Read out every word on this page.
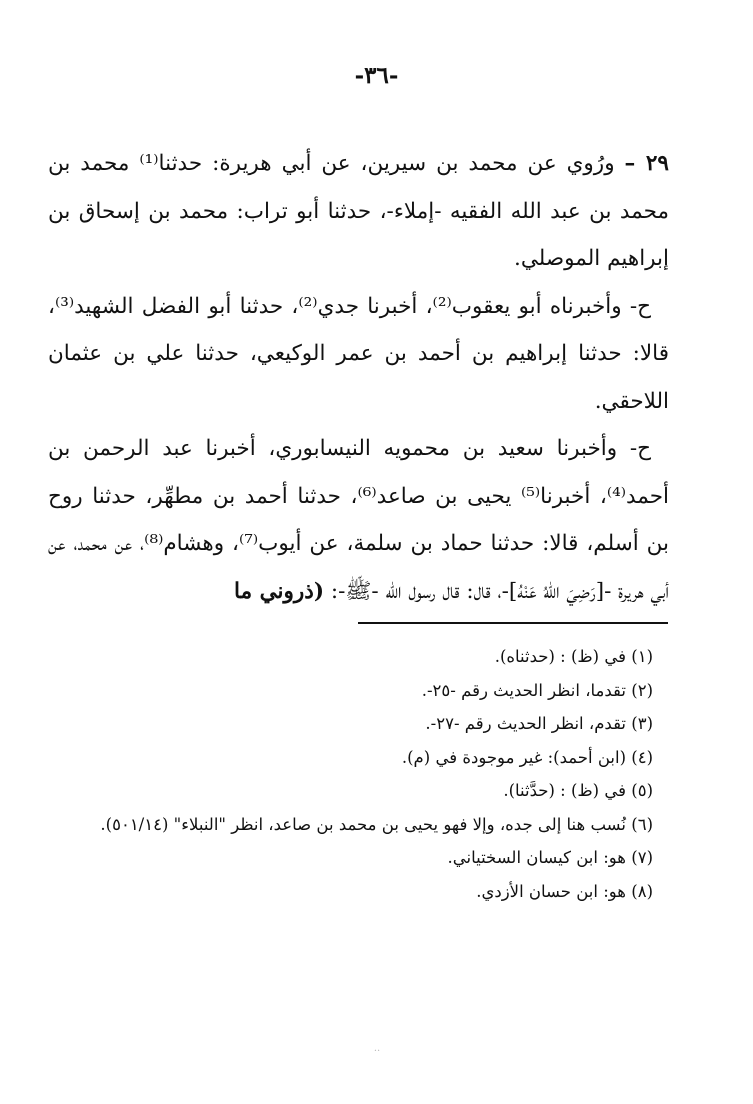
-٣٦-

٢٩ – ورُوي عن محمد بن سيرين، عن أبي هريرة: حدثنا⁽¹⁾ محمد بن محمد بن عبد الله الفقيه -إملاء-، حدثنا أبو تراب: محمد بن إسحاق بن إبراهيم الموصلي.

ح- وأخبرناه أبو يعقوب⁽²⁾، أخبرنا جدي⁽²⁾، حدثنا أبو الفضل الشهيد⁽³⁾، قالا: حدثنا إبراهيم بن أحمد بن عمر الوكيعي، حدثنا علي بن عثمان اللاحقي.

ح- وأخبرنا سعيد بن محمويه النيسابوري، أخبرنا عبد الرحمن بن أحمد⁽⁴⁾، أخبرنا⁽⁵⁾ يحيى بن صاعد⁽⁶⁾، حدثنا أحمد بن مطهِّر، حدثنا روح بن أسلم، قالا: حدثنا حماد بن سلمة، عن أيوب⁽⁷⁾، وهشام⁽⁸⁾، عن محمد، عن أبي هريرة -[رَضِيَ اللهُ عَنْهُ]-، قال: قال رسول الله -ﷺ-: (ذروني ما

(١) في (ظ) : (حدثناه).
(٢) تقدما، انظر الحديث رقم -٢٥-.
(٣) تقدم، انظر الحديث رقم -٢٧-.
(٤) (ابن أحمد): غير موجودة في (م).
(٥) في (ظ) : (حدَّثنا).
(٦) نُسب هنا إلى جده، وإلا فهو يحيى بن محمد بن صاعد، انظر "النبلاء" (٥٠١/١٤).
(٧) هو: ابن كيسان السختياني.
(٨) هو: ابن حسان الأزدي.
··
